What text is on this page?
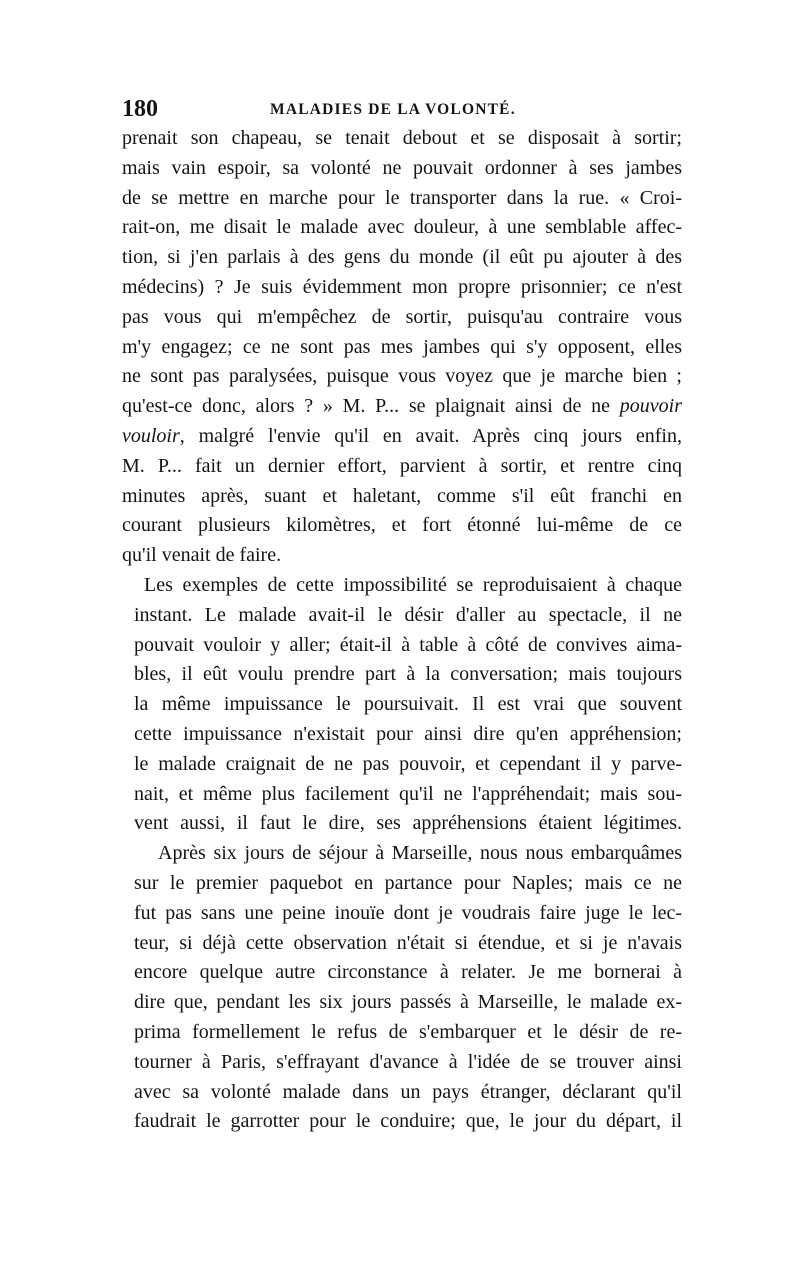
180	MALADIES DE LA VOLONTÉ.
prenait son chapeau, se tenait debout et se disposait à sortir;
mais vain espoir, sa volonté ne pouvait ordonner à ses jambes
de se mettre en marche pour le transporter dans la rue. « Croi-
rait-on, me disait le malade avec douleur, à une semblable affec-
tion, si j'en parlais à des gens du monde (il eût pu ajouter à des
médecins) ? Je suis évidemment mon propre prisonnier; ce n'est
pas vous qui m'empêchez de sortir, puisqu'au contraire vous
m'y engagez; ce ne sont pas mes jambes qui s'y opposent, elles
ne sont pas paralysées, puisque vous voyez que je marche bien ;
qu'est-ce donc, alors ? » M. P... se plaignait ainsi de ne pouvoir
vouloir, malgré l'envie qu'il en avait. Après cinq jours enfin,
M. P... fait un dernier effort, parvient à sortir, et rentre cinq
minutes après, suant et haletant, comme s'il eût franchi en
courant plusieurs kilomètres, et fort étonné lui-même de ce
qu'il venait de faire.
Les exemples de cette impossibilité se reproduisaient à chaque
instant. Le malade avait-il le désir d'aller au spectacle, il ne
pouvait vouloir y aller; était-il à table à côté de convives aima-
bles, il eût voulu prendre part à la conversation; mais toujours
la même impuissance le poursuivait. Il est vrai que souvent
cette impuissance n'existait pour ainsi dire qu'en appréhension;
le malade craignait de ne pas pouvoir, et cependant il y parve-
nait, et même plus facilement qu'il ne l'appréhendait; mais sou-
vent aussi, il faut le dire, ses appréhensions étaient légitimes.
Après six jours de séjour à Marseille, nous nous embarquâmes
sur le premier paquebot en partance pour Naples; mais ce ne
fut pas sans une peine inouïe dont je voudrais faire juge le lec-
teur, si déjà cette observation n'était si étendue, et si je n'avais
encore quelque autre circonstance à relater. Je me bornerai à
dire que, pendant les six jours passés à Marseille, le malade ex-
prima formellement le refus de s'embarquer et le désir de re-
tourner à Paris, s'effrayant d'avance à l'idée de se trouver ainsi
avec sa volonté malade dans un pays étranger, déclarant qu'il
faudrait le garrotter pour le conduire; que, le jour du départ, il
